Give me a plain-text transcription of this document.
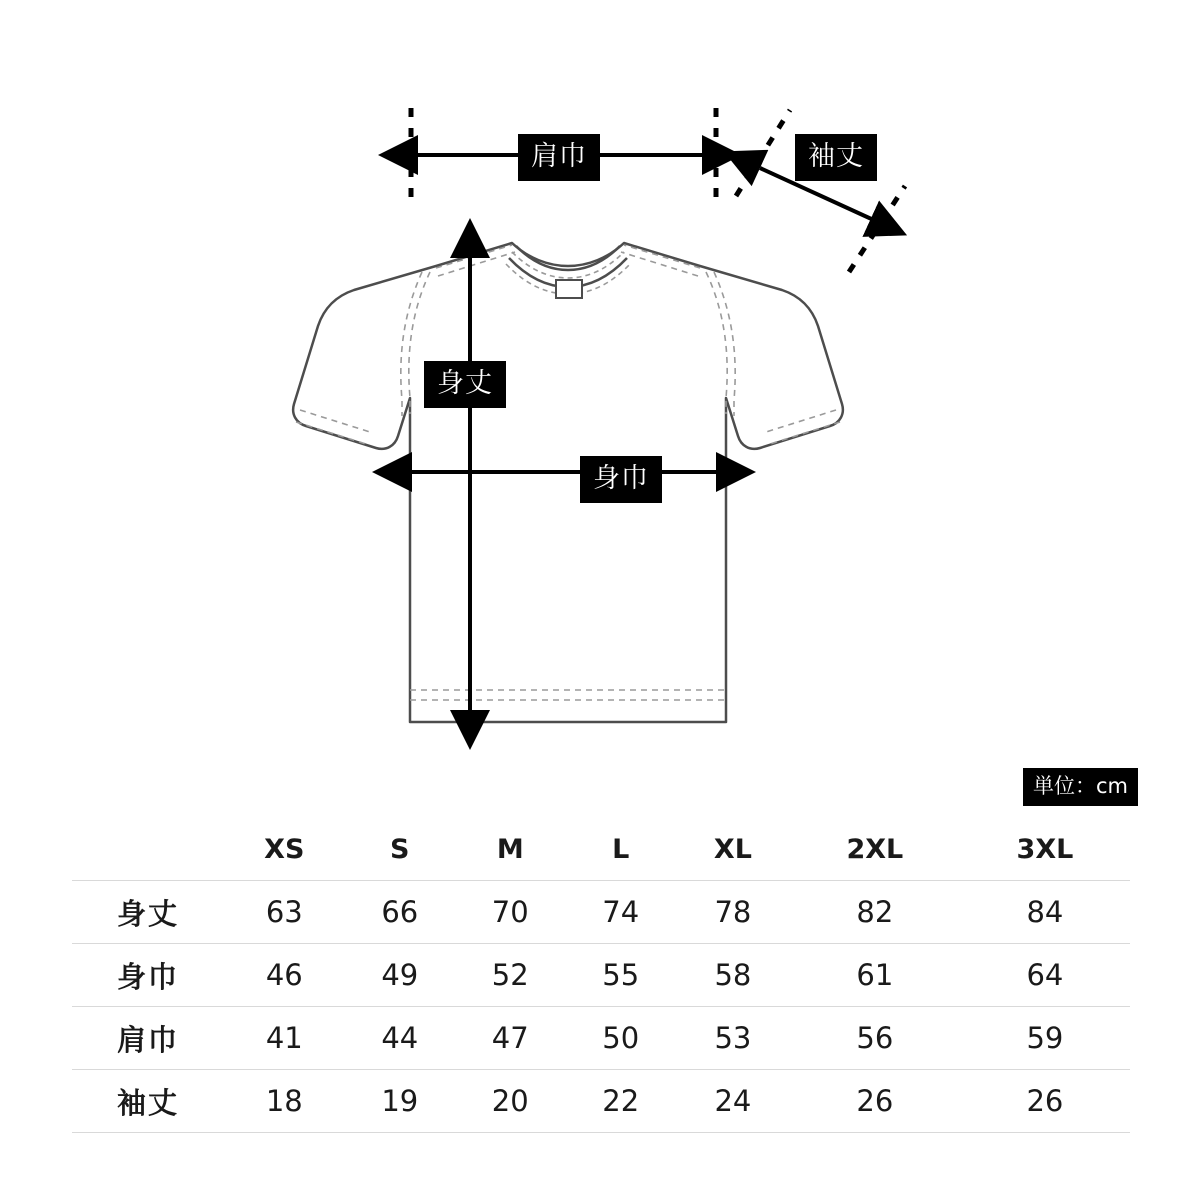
肩巾	袖丈
身丈
身巾
単位：cm
	XS	S	M	L	XL	2XL	3XL
身丈	63	66	70	74	78	82	84
身巾	46	49	52	55	58	61	64
肩巾	41	44	47	50	53	56	59
袖丈	18	19	20	22	24	26	26
